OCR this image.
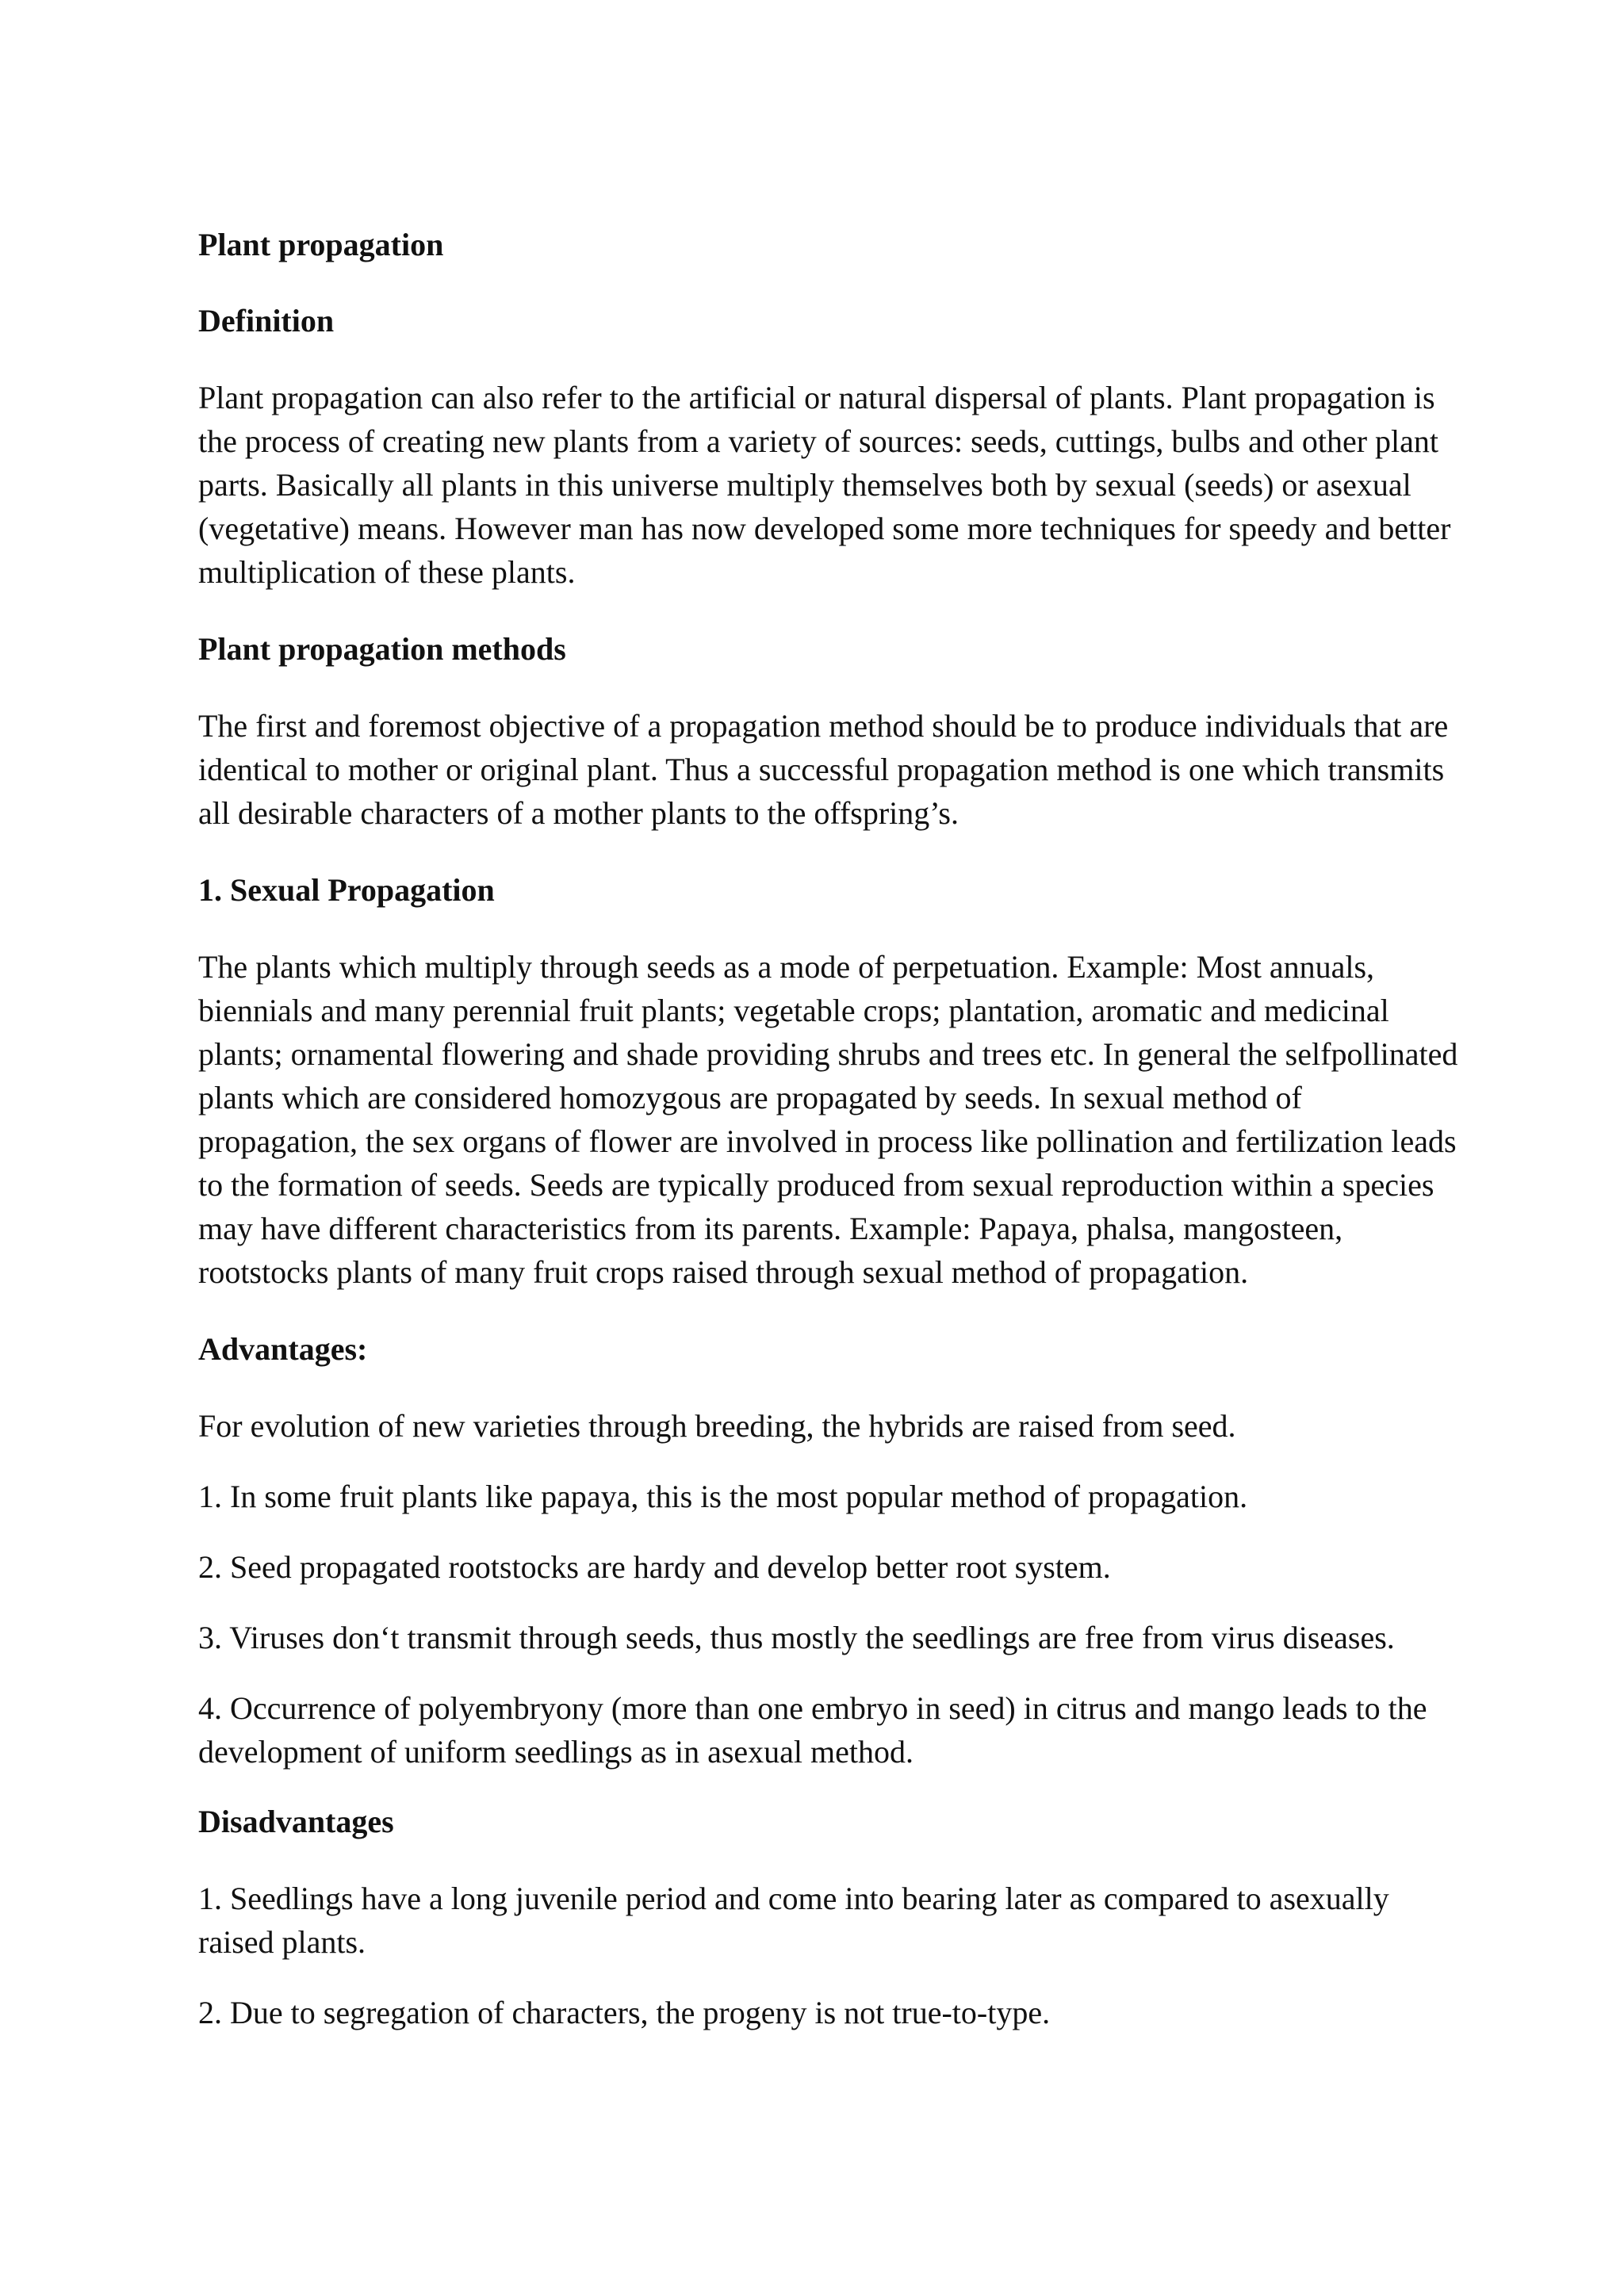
Plant propagation
Definition
Plant propagation can also refer to the artificial or natural dispersal of plants. Plant propagation is the process of creating new plants from a variety of sources: seeds, cuttings, bulbs and other plant parts. Basically all plants in this universe multiply themselves both by sexual (seeds) or asexual (vegetative) means. However man has now developed some more techniques for speedy and better multiplication of these plants.
Plant propagation methods
The first and foremost objective of a propagation method should be to produce individuals that are identical to mother or original plant. Thus a successful propagation method is one which transmits all desirable characters of a mother plants to the offspring’s.
1. Sexual Propagation
The plants which multiply through seeds as a mode of perpetuation. Example: Most annuals, biennials and many perennial fruit plants; vegetable crops; plantation, aromatic and medicinal plants; ornamental flowering and shade providing shrubs and trees etc. In general the selfpollinated plants which are considered homozygous are propagated by seeds. In sexual method of propagation, the sex organs of flower are involved in process like pollination and fertilization leads to the formation of seeds. Seeds are typically produced from sexual reproduction within a species may have different characteristics from its parents. Example: Papaya, phalsa, mangosteen, rootstocks plants of many fruit crops raised through sexual method of propagation.
Advantages:
For evolution of new varieties through breeding, the hybrids are raised from seed.
1. In some fruit plants like papaya, this is the most popular method of propagation.
2. Seed propagated rootstocks are hardy and develop better root system.
3. Viruses don‘t transmit through seeds, thus mostly the seedlings are free from virus diseases.
4. Occurrence of polyembryony (more than one embryo in seed) in citrus and mango leads to the development of uniform seedlings as in asexual method.
Disadvantages
1. Seedlings have a long juvenile period and come into bearing later as compared to asexually raised plants.
2. Due to segregation of characters, the progeny is not true-to-type.
